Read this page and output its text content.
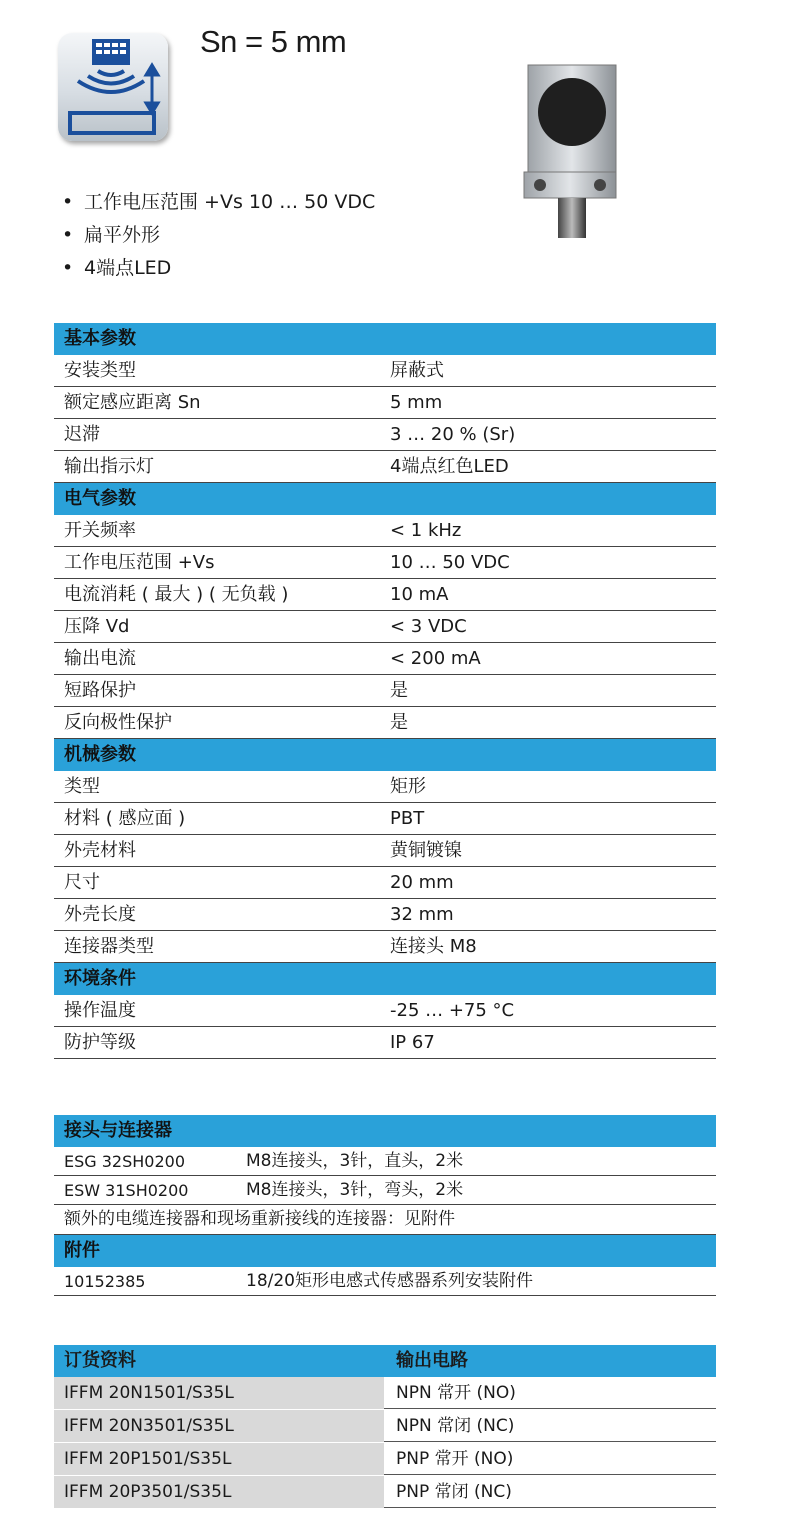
Sn = 5 mm
• 工作电压范围 +Vs 10 … 50 VDC
• 扁平外形
• 4端点LED
基本参数
安装类型	屏蔽式
额定感应距离 Sn	5 mm
迟滞	3 … 20 % (Sr)
输出指示灯	4端点红色LED
电气参数
开关频率	< 1 kHz
工作电压范围 +Vs	10 … 50 VDC
电流消耗 ( 最大 ) ( 无负载 )	10 mA
压降 Vd	< 3 VDC
输出电流	< 200 mA
短路保护	是
反向极性保护	是
机械参数
类型	矩形
材料 ( 感应面 )	PBT
外壳材料	黄铜镀镍
尺寸	20 mm
外壳长度	32 mm
连接器类型	连接头 M8
环境条件
操作温度	-25 … +75 °C
防护等级	IP 67
接头与连接器
ESG 32SH0200	M8连接头，3针，直头，2米
ESW 31SH0200	M8连接头，3针，弯头，2米
额外的电缆连接器和现场重新接线的连接器：见附件
附件
10152385	18/20矩形电感式传感器系列安装附件
订货资料	输出电路
IFFM 20N1501/S35L	NPN 常开 (NO)
IFFM 20N3501/S35L	NPN 常闭 (NC)
IFFM 20P1501/S35L	PNP 常开 (NO)
IFFM 20P3501/S35L	PNP 常闭 (NC)
